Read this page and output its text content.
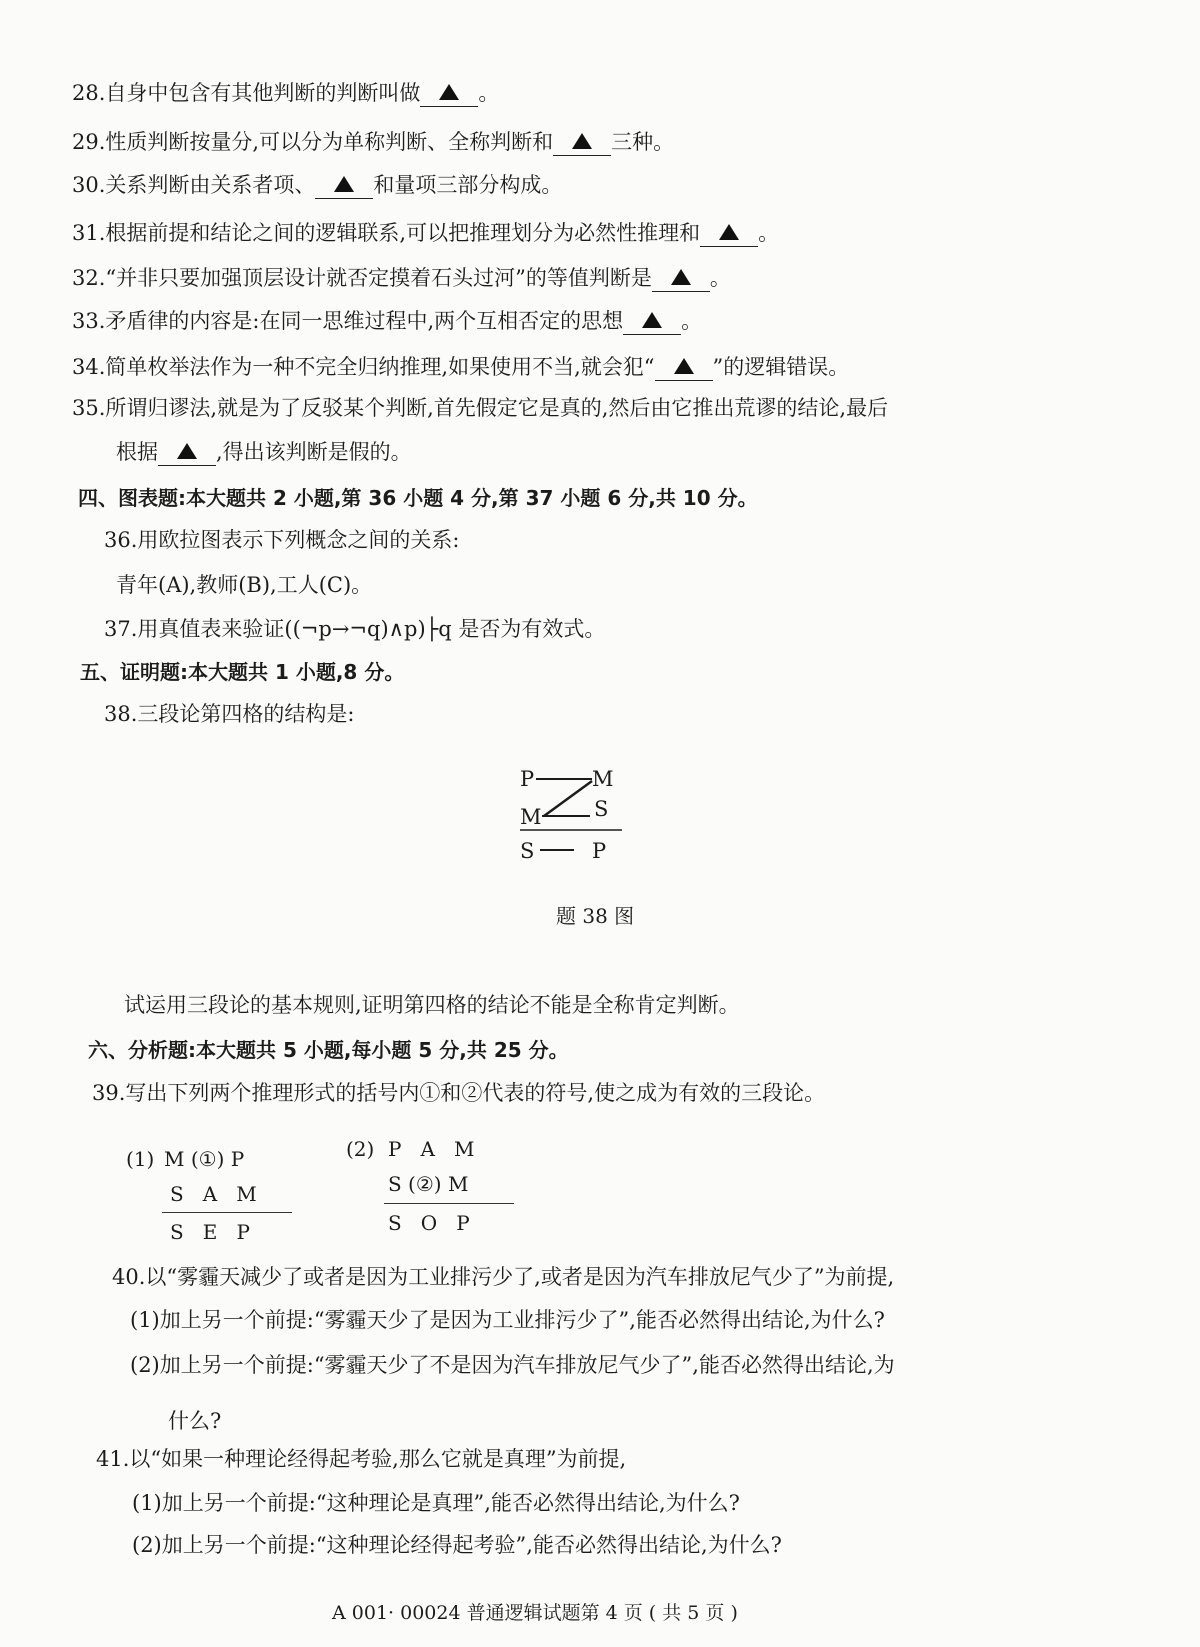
28.自身中包含有其他判断的判断叫做	。
29.性质判断按量分,可以分为单称判断、全称判断和	三种。
30.关系判断由关系者项、	和量项三部分构成。
31.根据前提和结论之间的逻辑联系,可以把推理划分为必然性推理和	。
32.“并非只要加强顶层设计就否定摸着石头过河”的等值判断是	。
33.矛盾律的内容是:在同一思维过程中,两个互相否定的思想	。
34.简单枚举法作为一种不完全归纳推理,如果使用不当,就会犯“	”的逻辑错误。
35.所谓归谬法,就是为了反驳某个判断,首先假定它是真的,然后由它推出荒谬的结论,最后
根据	,得出该判断是假的。
四、图表题:本大题共 2 小题,第 36 小题 4 分,第 37 小题 6 分,共 10 分。
36.用欧拉图表示下列概念之间的关系:
青年(A),教师(B),工人(C)。
37.用真值表来验证((¬p→¬q)∧p)├q 是否为有效式。
五、证明题:本大题共 1 小题,8 分。
38.三段论第四格的结构是:
P	M
M S
S	P
题 38 图
试运用三段论的基本规则,证明第四格的结论不能是全称肯定判断。
六、分析题:本大题共 5 小题,每小题 5 分,共 25 分。
39.写出下列两个推理形式的括号内①和②代表的符号,使之成为有效的三段论。
(1) M (①) P
S   A   M
S   E   P
(2) P   A   M
S (②) M
S   O   P
40.以“雾霾天减少了或者是因为工业排污少了,或者是因为汽车排放尼气少了”为前提,
(1)加上另一个前提:“雾霾天少了是因为工业排污少了”,能否必然得出结论,为什么?
(2)加上另一个前提:“雾霾天少了不是因为汽车排放尼气少了”,能否必然得出结论,为
什么?
41.以“如果一种理论经得起考验,那么它就是真理”为前提,
(1)加上另一个前提:“这种理论是真理”,能否必然得出结论,为什么?
(2)加上另一个前提:“这种理论经得起考验”,能否必然得出结论,为什么?
A 001· 00024 普通逻辑试题第 4 页 ( 共 5 页 )
